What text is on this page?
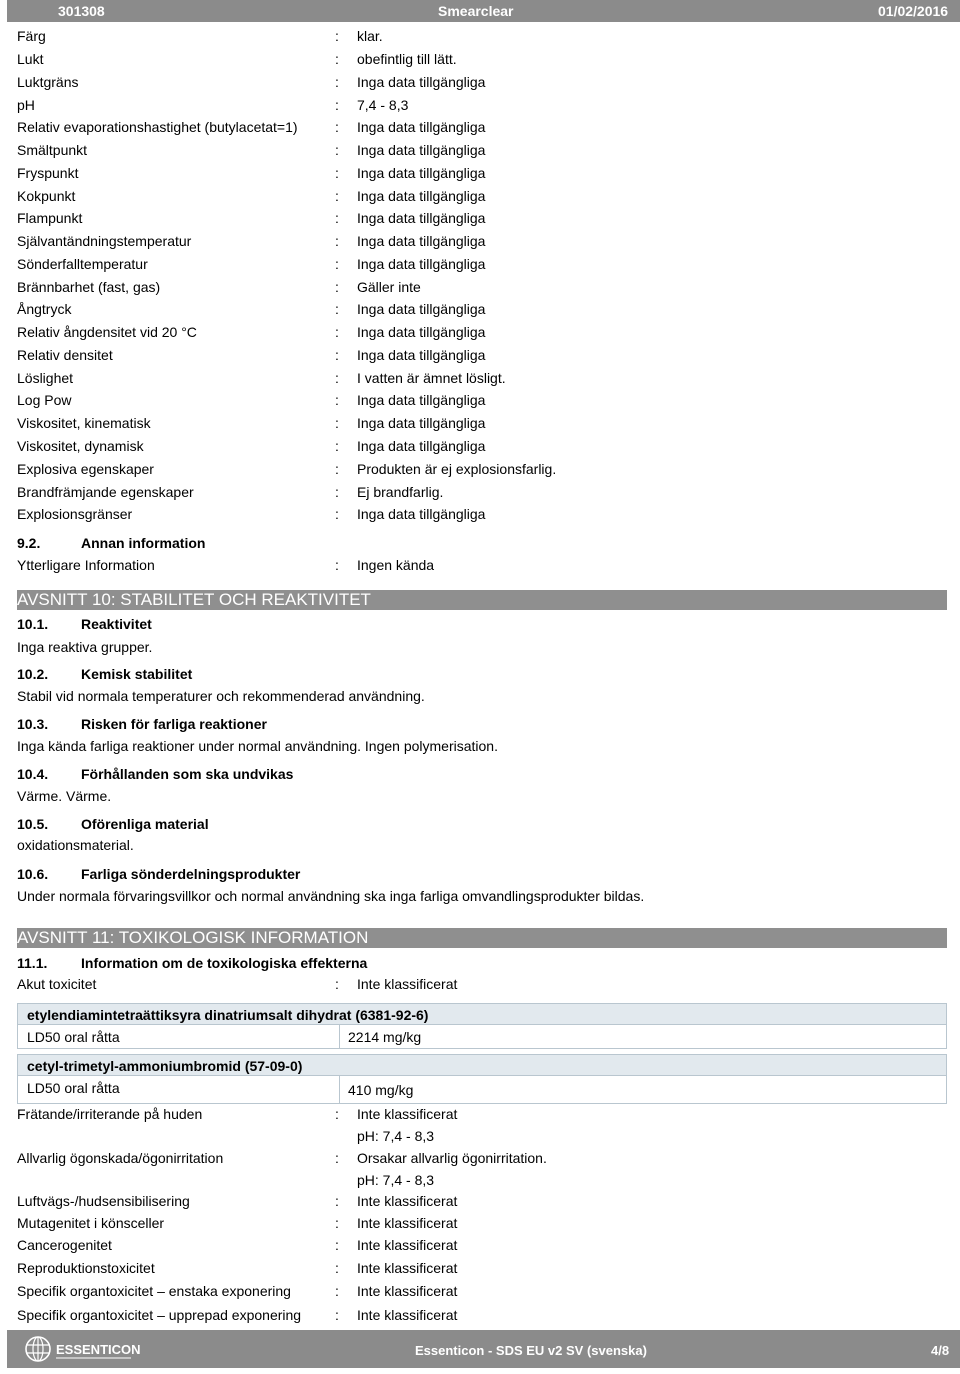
301308	Smearclear	01/02/2016
Färg	: klar.
Lukt	: obefintlig till lätt.
Luktgräns	: Inga data tillgängliga
pH	: 7,4 - 8,3
Relativ evaporationshastighet (butylacetat=1)	: Inga data tillgängliga
Smältpunkt	: Inga data tillgängliga
Fryspunkt	: Inga data tillgängliga
Kokpunkt	: Inga data tillgängliga
Flampunkt	: Inga data tillgängliga
Självantändningstemperatur	: Inga data tillgängliga
Sönderfalltemperatur	: Inga data tillgängliga
Brännbarhet (fast, gas)	: Gäller inte
Ångtryck	: Inga data tillgängliga
Relativ ångdensitet vid 20 °C	: Inga data tillgängliga
Relativ densitet	: Inga data tillgängliga
Löslighet	: I vatten är ämnet lösligt.
Log Pow	: Inga data tillgängliga
Viskositet, kinematisk	: Inga data tillgängliga
Viskositet, dynamisk	: Inga data tillgängliga
Explosiva egenskaper	: Produkten är ej explosionsfarlig.
Brandfrämjande egenskaper	: Ej brandfarlig.
Explosionsgränser	: Inga data tillgängliga
9.2.	Annan information
Ytterligare Information	: Ingen kända
AVSNITT 10: STABILITET OCH REAKTIVITET
10.1. Reaktivitet
Inga reaktiva grupper.
10.2. Kemisk stabilitet
Stabil vid normala temperaturer och rekommenderad användning.
10.3. Risken för farliga reaktioner
Inga kända farliga reaktioner under normal användning. Ingen polymerisation.
10.4. Förhållanden som ska undvikas
Värme. Värme.
10.5. Oförenliga material
oxidationsmaterial.
10.6. Farliga sönderdelningsprodukter
Under normala förvaringsvillkor och normal användning ska inga farliga omvandlingsprodukter bildas.
AVSNITT 11: TOXIKOLOGISK INFORMATION
11.1. Information om de toxikologiska effekterna
Akut toxicitet	: Inte klassificerat
etylendiamintetraättiksyra dinatriumsalt dihydrat (6381-92-6)
LD50 oral råtta	2214 mg/kg
cetyl-trimetyl-ammoniumbromid (57-09-0)
LD50 oral råtta	410 mg/kg
Frätande/irriterande på huden	: Inte klassificerat
pH: 7,4 - 8,3
Allvarlig ögonskada/ögonirritation	: Orsakar allvarlig ögonirritation.
pH: 7,4 - 8,3
Luftvägs-/hudsensibilisering	: Inte klassificerat
Mutagenitet i könsceller	: Inte klassificerat
Cancerogenitet	: Inte klassificerat
Reproduktionstoxicitet	: Inte klassificerat
Specifik organtoxicitet – enstaka exponering	: Inte klassificerat
Specifik organtoxicitet – upprepad exponering : Inte klassificerat
ESSENTICON	Essenticon - SDS EU v2 SV (svenska)	4/8
